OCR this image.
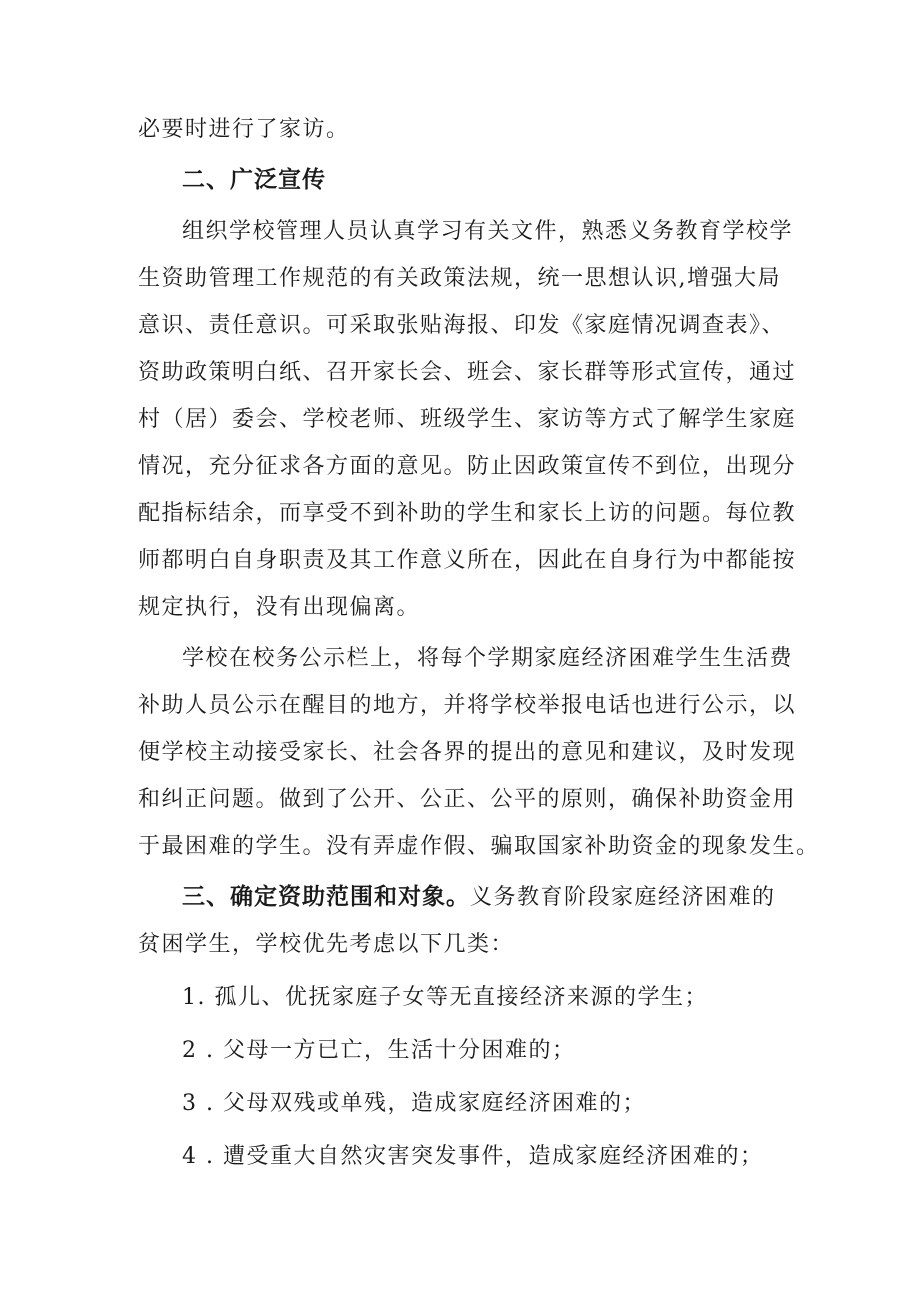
必要时进行了家访。
二、广泛宣传
组织学校管理人员认真学习有关文件，熟悉义务教育学校学
生资助管理工作规范的有关政策法规，统一思想认识,增强大局
意识、责任意识。可采取张贴海报、印发《家庭情况调查表》、
资助政策明白纸、召开家长会、班会、家长群等形式宣传，通过
村（居）委会、学校老师、班级学生、家访等方式了解学生家庭
情况，充分征求各方面的意见。防止因政策宣传不到位，出现分
配指标结余，而享受不到补助的学生和家长上访的问题。每位教
师都明白自身职责及其工作意义所在，因此在自身行为中都能按
规定执行，没有出现偏离。
学校在校务公示栏上，将每个学期家庭经济困难学生生活费
补助人员公示在醒目的地方，并将学校举报电话也进行公示，以
便学校主动接受家长、社会各界的提出的意见和建议，及时发现
和纠正问题。做到了公开、公正、公平的原则，确保补助资金用
于最困难的学生。没有弄虚作假、骗取国家补助资金的现象发生。
三、确定资助范围和对象。义务教育阶段家庭经济困难的
贫困学生，学校优先考虑以下几类：
1. 孤儿、优抚家庭子女等无直接经济来源的学生；
2 . 父母一方已亡，生活十分困难的；
3 . 父母双残或单残，造成家庭经济困难的；
4 . 遭受重大自然灾害突发事件，造成家庭经济困难的；
